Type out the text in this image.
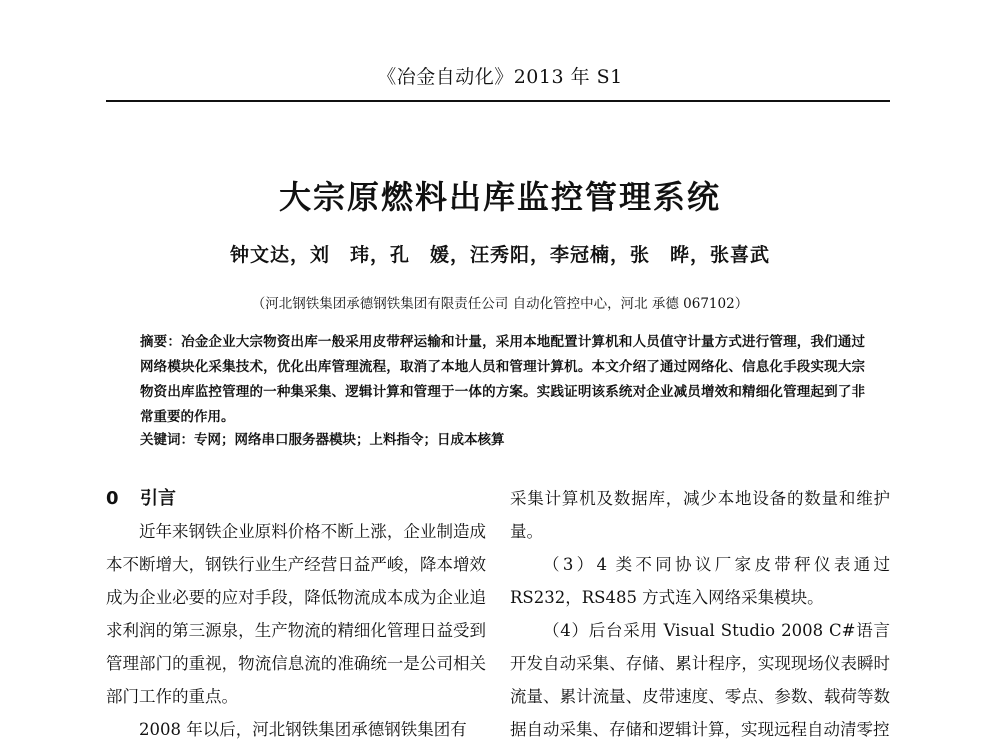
《冶金自动化》2013 年 S1
大宗原燃料出库监控管理系统
钟文达，刘　玮，孔　媛，汪秀阳，李冠楠，张　晔，张喜武
（河北钢铁集团承德钢铁集团有限责任公司 自动化管控中心，河北 承德 067102）
摘要：冶金企业大宗物资出库一般采用皮带秤运输和计量，采用本地配置计算机和人员值守计量方式进行管理，我们通过网络模块化采集技术，优化出库管理流程，取消了本地人员和管理计算机。本文介绍了通过网络化、信息化手段实现大宗物资出库监控管理的一种集采集、逻辑计算和管理于一体的方案。实践证明该系统对企业减员增效和精细化管理起到了非常重要的作用。
关键词：专网；网络串口服务器模块；上料指令；日成本核算
0 引言

近年来钢铁企业原料价格不断上涨，企业制造成本不断增大，钢铁行业生产经营日益严峻，降本增效成为企业必要的应对手段，降低物流成本成为企业追求利润的第三源泉，生产物流的精细化管理日益受到管理部门的重视，物流信息流的准确统一是公司相关部门工作的重点。

2008 年以后，河北钢铁集团承德钢铁集团有

采集计算机及数据库，减少本地设备的数量和维护量。

（3）4 类不同协议厂家皮带秤仪表通过 RS232，RS485 方式连入网络采集模块。

（4）后台采用 Visual Studio 2008 C#语言开发自动采集、存储、累计程序，实现现场仪表瞬时流量、累计流量、皮带速度、零点、参数、载荷等数据自动采集、存储和逻辑计算，实现远程自动清零控
